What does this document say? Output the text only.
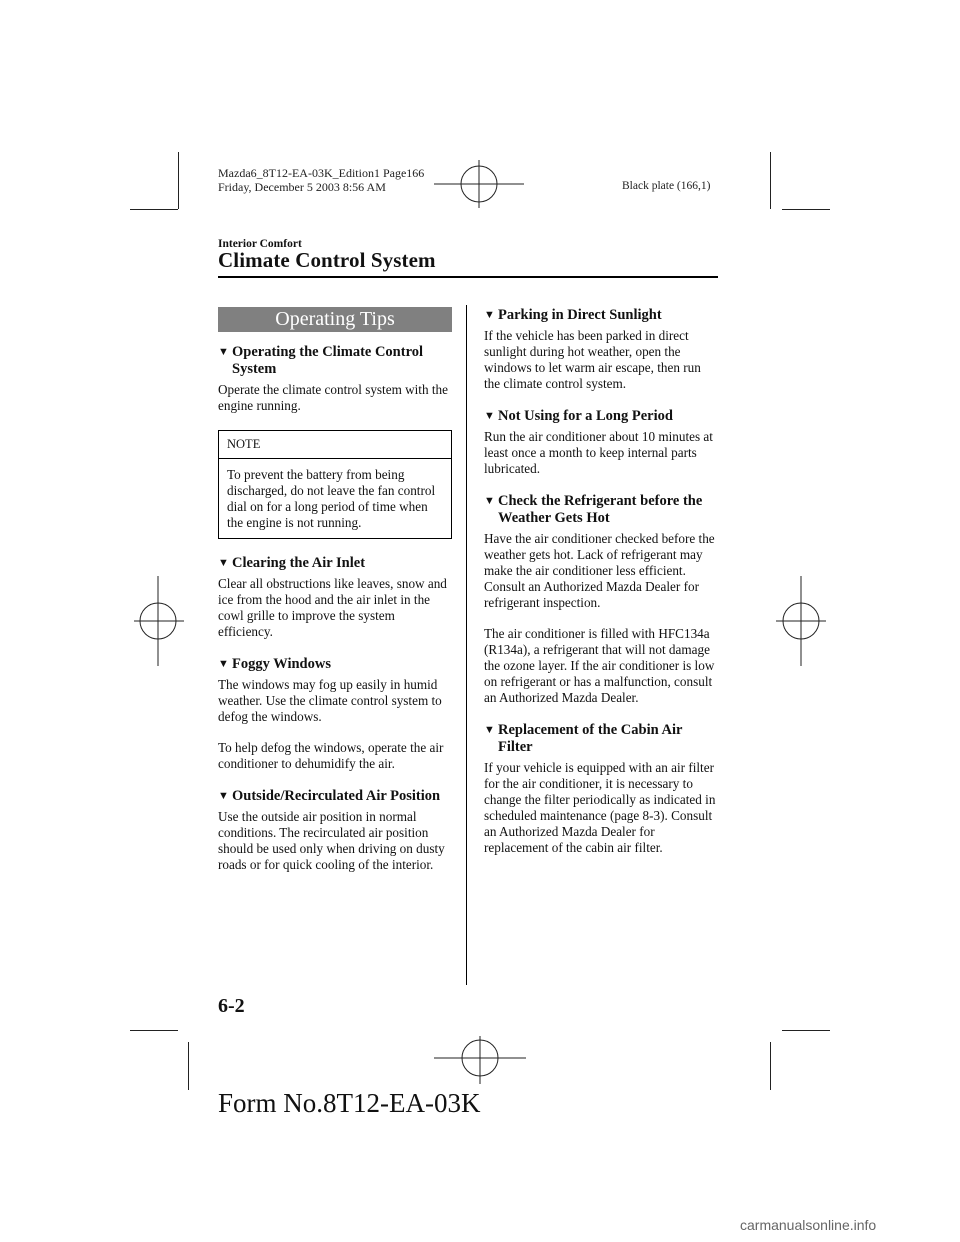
Mazda6_8T12-EA-03K_Edition1 Page166
Friday, December 5 2003 8:56 AM	Black plate (166,1)
Interior Comfort
Climate Control System
Operating Tips
▼ Operating the Climate Control System

Operate the climate control system with the engine running.

NOTE
To prevent the battery from being discharged, do not leave the fan control dial on for a long period of time when the engine is not running.
▼ Clearing the Air Inlet

Clear all obstructions like leaves, snow and ice from the hood and the air inlet in the cowl grille to improve the system efficiency.

▼ Foggy Windows

The windows may fog up easily in humid weather. Use the climate control system to defog the windows.

To help defog the windows, operate the air conditioner to dehumidify the air.

▼ Outside/Recirculated Air Position

Use the outside air position in normal conditions. The recirculated air position should be used only when driving on dusty roads or for quick cooling of the interior.

▼ Parking in Direct Sunlight

If the vehicle has been parked in direct sunlight during hot weather, open the windows to let warm air escape, then run the climate control system.

▼ Not Using for a Long Period

Run the air conditioner about 10 minutes at least once a month to keep internal parts lubricated.

▼ Check the Refrigerant before the Weather Gets Hot

Have the air conditioner checked before the weather gets hot. Lack of refrigerant may make the air conditioner less efficient. Consult an Authorized Mazda Dealer for refrigerant inspection.

The air conditioner is filled with HFC134a (R134a), a refrigerant that will not damage the ozone layer. If the air conditioner is low on refrigerant or has a malfunction, consult an Authorized Mazda Dealer.

▼ Replacement of the Cabin Air Filter

If your vehicle is equipped with an air filter for the air conditioner, it is necessary to change the filter periodically as indicated in scheduled maintenance (page 8-3). Consult an Authorized Mazda Dealer for replacement of the cabin air filter.

6-2
Form No.8T12-EA-03K
carmanualsonline.info
